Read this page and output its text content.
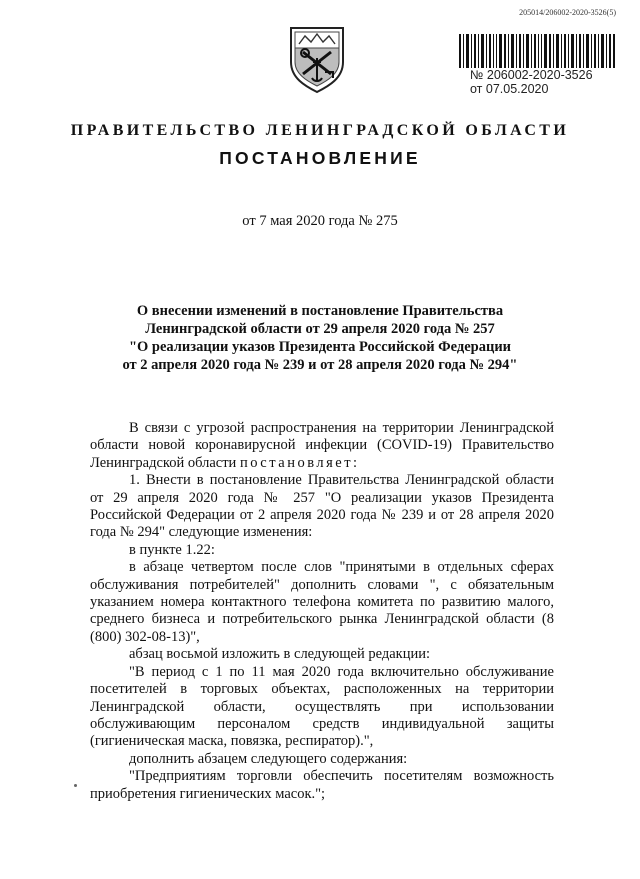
205014/206002-2020-3526(5)
№ 206002-2020-3526
от 07.05.2020
ПРАВИТЕЛЬСТВО ЛЕНИНГРАДСКОЙ ОБЛАСТИ
ПОСТАНОВЛЕНИЕ
от 7 мая 2020 года № 275
О внесении изменений в постановление Правительства
Ленинградской области от 29 апреля 2020 года № 257
"О реализации указов Президента Российской Федерации
от 2 апреля 2020 года № 239 и от 28 апреля 2020 года № 294"
В связи с угрозой распространения на территории Ленинградской области новой коронавирусной инфекции (COVID-19) Правительство Ленинградской области постановляет:
1. Внести в постановление Правительства Ленинградской области от 29 апреля 2020 года № 257 "О реализации указов Президента Российской Федерации от 2 апреля 2020 года № 239 и от 28 апреля 2020 года № 294" следующие изменения:
в пункте 1.22:
в абзаце четвертом после слов "принятыми в отдельных сферах обслуживания потребителей" дополнить словами ", с обязательным указанием номера контактного телефона комитета по развитию малого, среднего бизнеса и потребительского рынка Ленинградской области (8 (800) 302-08-13)",
абзац восьмой изложить в следующей редакции:
"В период с 1 по 11 мая 2020 года включительно обслуживание посетителей в торговых объектах, расположенных на территории Ленинградской области, осуществлять при использовании обслуживающим персоналом средств индивидуальной защиты (гигиеническая маска, повязка, респиратор).",
дополнить абзацем следующего содержания:
"Предприятиям торговли обеспечить посетителям возможность приобретения гигиенических масок.";
